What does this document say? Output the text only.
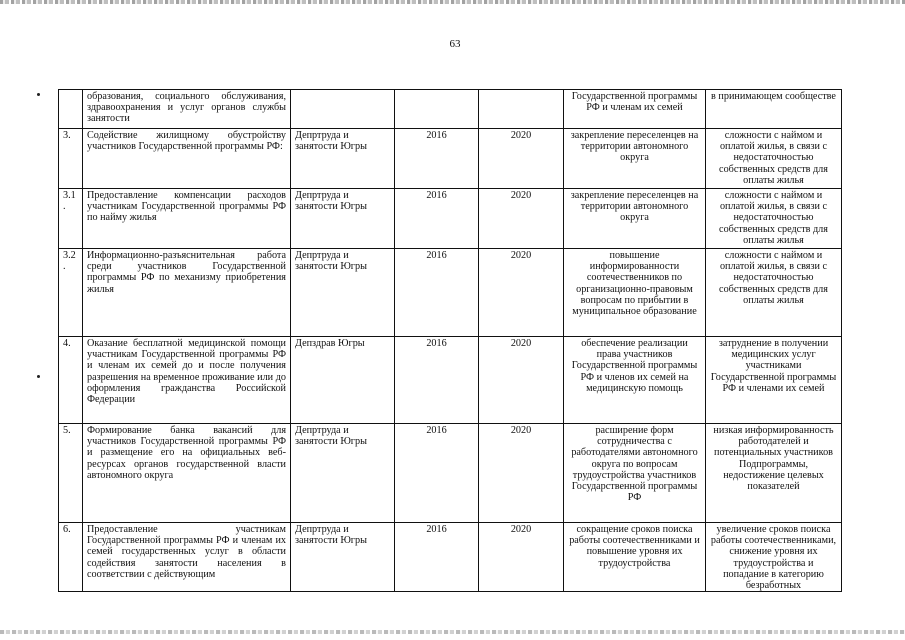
63

	образования, социального обслуживания, здравоохранения и услуг органов службы занятости				Государственной программы РФ и членам их семей	в принимающем сообществе

3.	Содействие жилищному обустройству участников Государственной программы РФ:	Депртруда и занятости Югры	2016	2020	закрепление переселенцев на территории автономного округа	сложности с наймом и оплатой жилья, в связи с недостаточностью собственных средств для оплаты жилья

3.1 .	Предоставление компенсации расходов участникам Государственной программы РФ по найму жилья	Депртруда и занятости Югры	2016	2020	закрепление переселенцев на территории автономного округа	сложности с наймом и оплатой жилья, в связи с недостаточностью собственных средств для оплаты жилья

3.2 .	Информационно-разъяснительная работа среди участников Государственной программы РФ по механизму приобретения жилья	Депртруда и занятости Югры	2016	2020	повышение информированности соотечественников по организационно-правовым вопросам по прибытии в муниципальное образование	сложности с наймом и оплатой жилья, в связи с недостаточностью собственных средств для оплаты жилья

4.	Оказание бесплатной медицинской помощи участникам Государственной программы РФ и членам их семей до и после получения разрешения на временное проживание или до оформления гражданства Российской Федерации	Депздрав Югры	2016	2020	обеспечение реализации права участников Государственной программы РФ и членов их семей на медицинскую помощь	затруднение в получении медицинских услуг участниками Государственной программы РФ и членами их семей

5.	Формирование банка вакансий для участников Государственной программы РФ и размещение его на официальных веб-ресурсах органов государственной власти автономного округа	Депртруда и занятости Югры	2016	2020	расширение форм сотрудничества с работодателями автономного округа по вопросам трудоустройства участников Государственной программы РФ	низкая информированность работодателей и потенциальных участников Подпрограммы, недостижение целевых показателей

6.	Предоставление участникам Государственной программы РФ и членам их семей государственных услуг в области содействия занятости населения в соответствии с действующим	Депртруда и занятости Югры	2016	2020	сокращение сроков поиска работы соотечественниками и повышение уровня их трудоустройства	увеличение сроков поиска работы соотечественниками, снижение уровня их трудоустройства и попадание в категорию безработных
